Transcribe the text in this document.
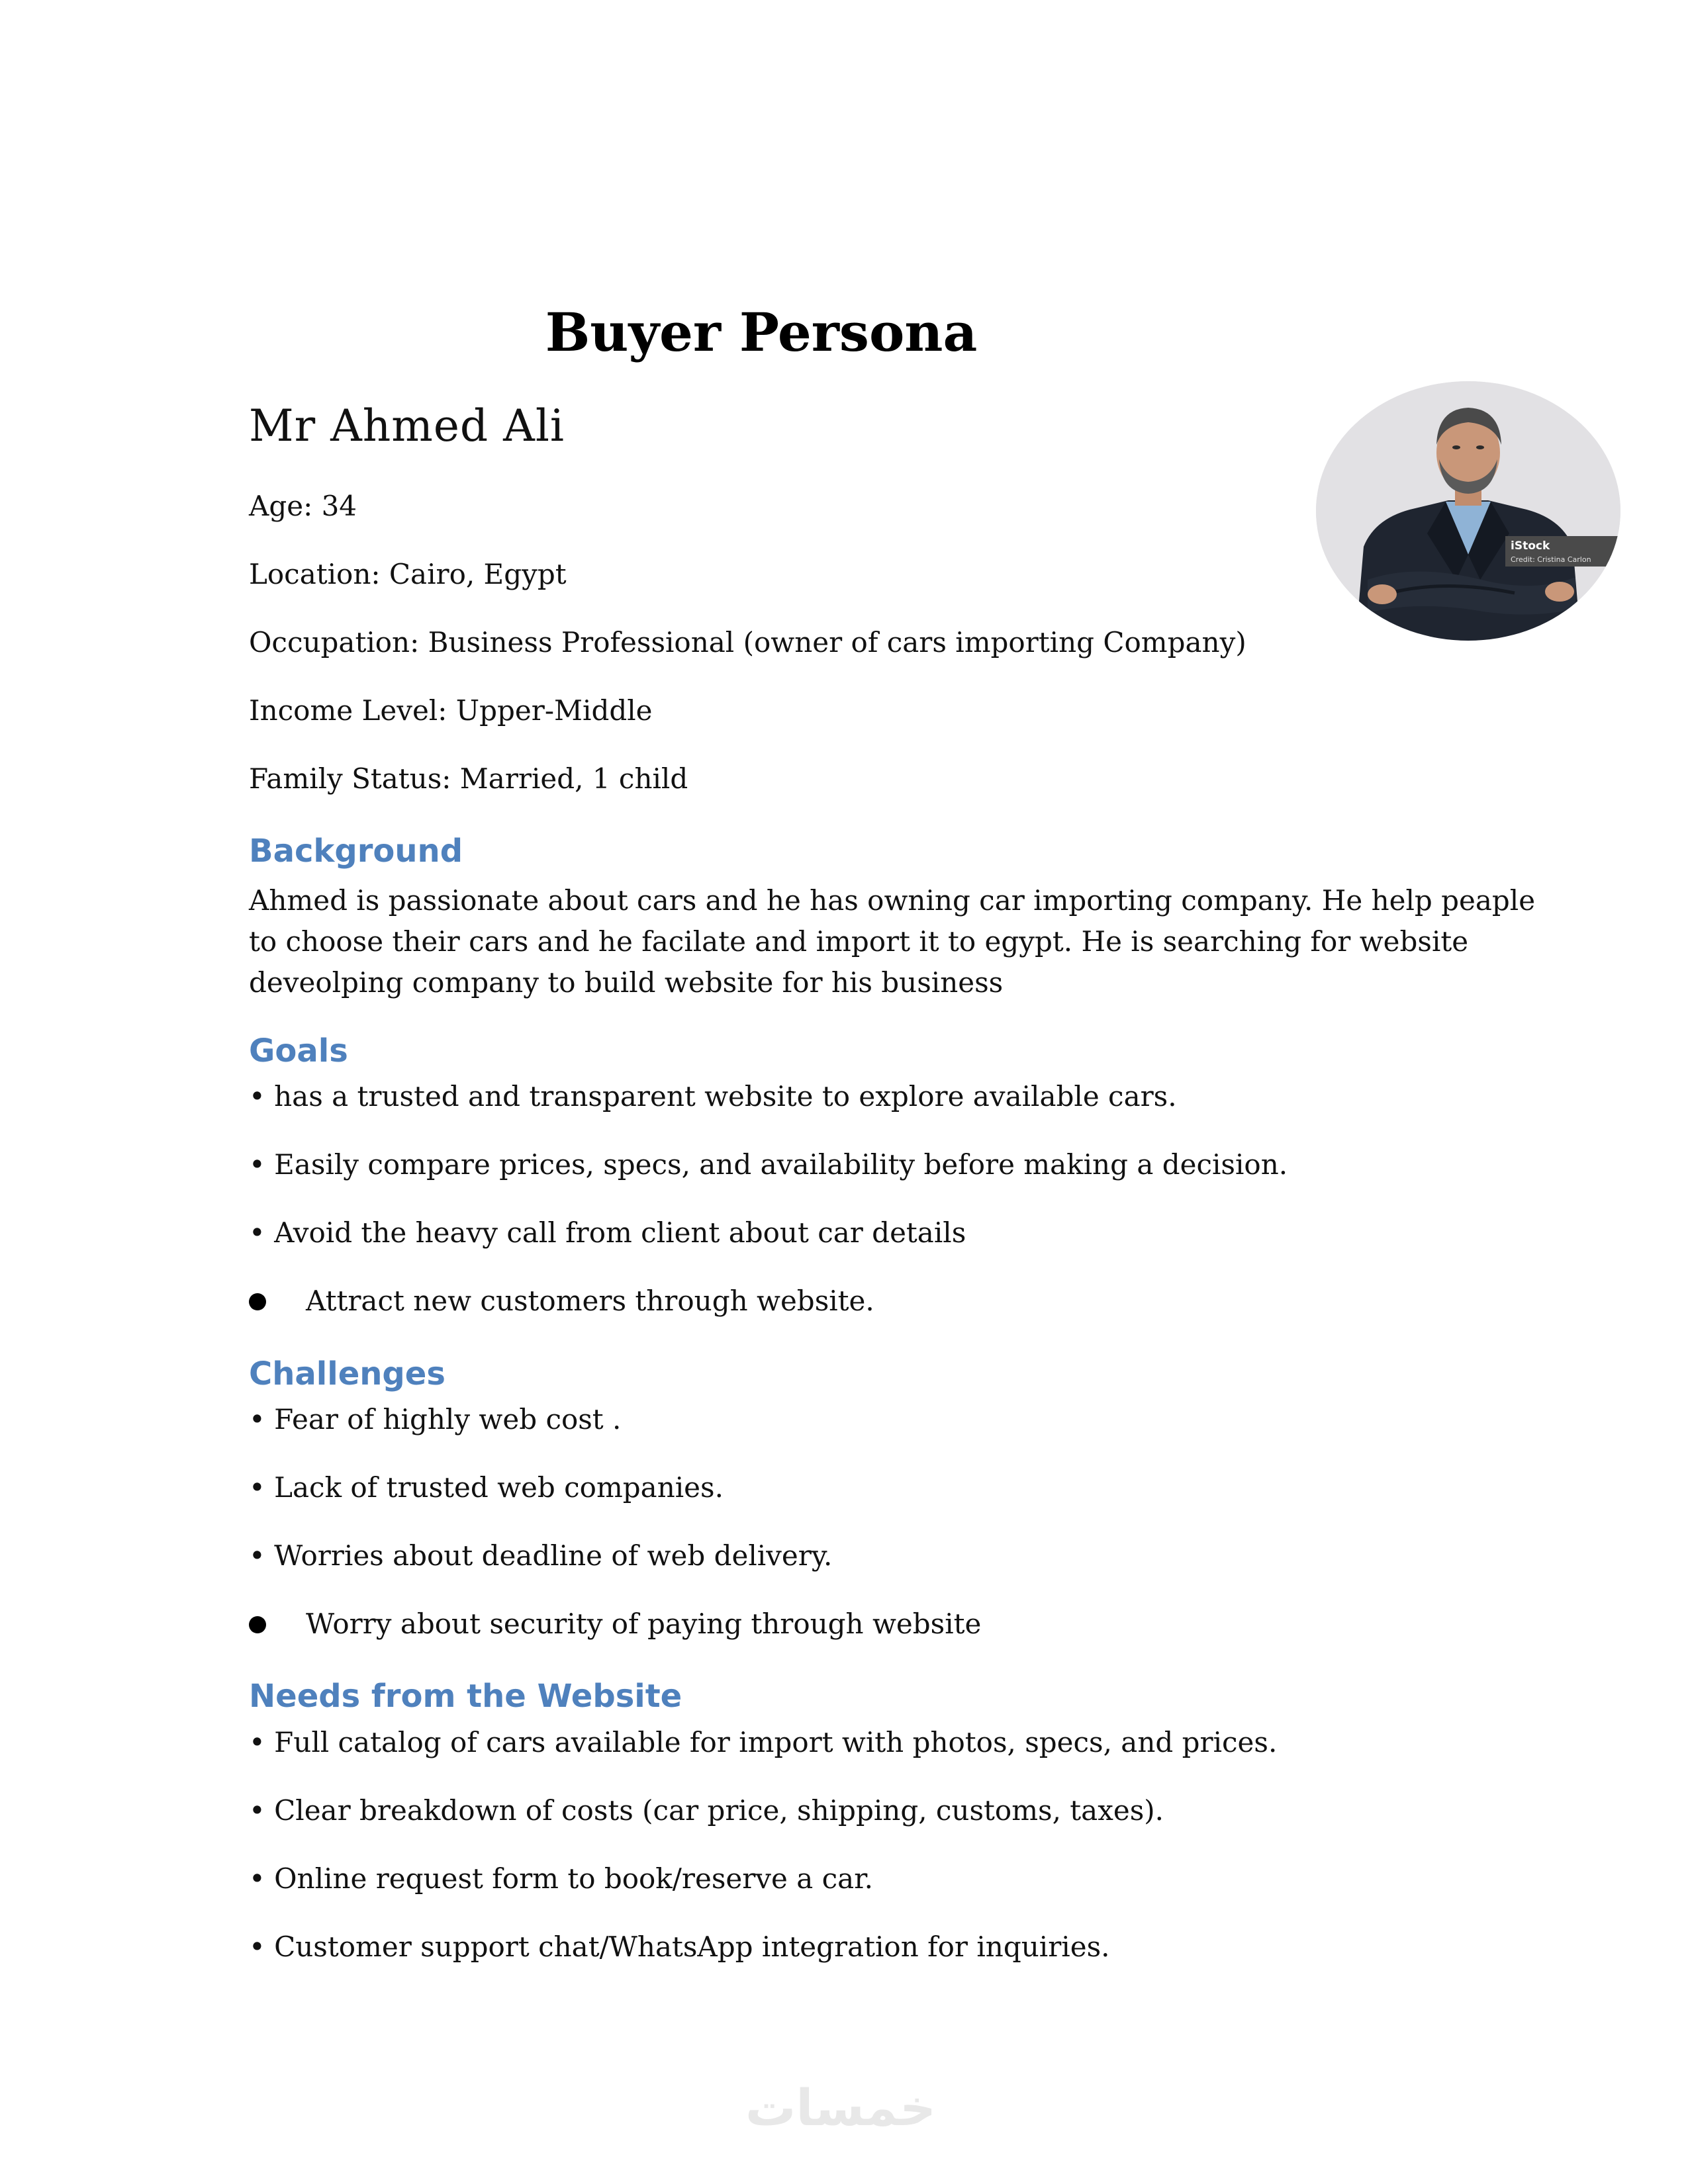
Buyer Persona
Mr Ahmed Ali
iStock
Credit: Cristina Carlon
Age: 34
Location: Cairo, Egypt
Occupation: Business Professional (owner of cars importing Company)
Income Level: Upper-Middle
Family Status: Married, 1 child
Background
Ahmed is passionate about cars and he has owning car importing company. He help peaple
to choose their cars and he facilate and import it to egypt. He is searching for website
deveolping company to build website for his business
Goals
• has a trusted and transparent website to explore available cars.
• Easily compare prices, specs, and availability before making a decision.
• Avoid the heavy call from client about car details
Attract new customers through website.
Challenges
• Fear of highly web cost .
• Lack of trusted web companies.
• Worries about deadline of web delivery.
Worry about security of paying through website
Needs from the Website
• Full catalog of cars available for import with photos, specs, and prices.
• Clear breakdown of costs (car price, shipping, customs, taxes).
• Online request form to book/reserve a car.
• Customer support chat/WhatsApp integration for inquiries.
خمسات
